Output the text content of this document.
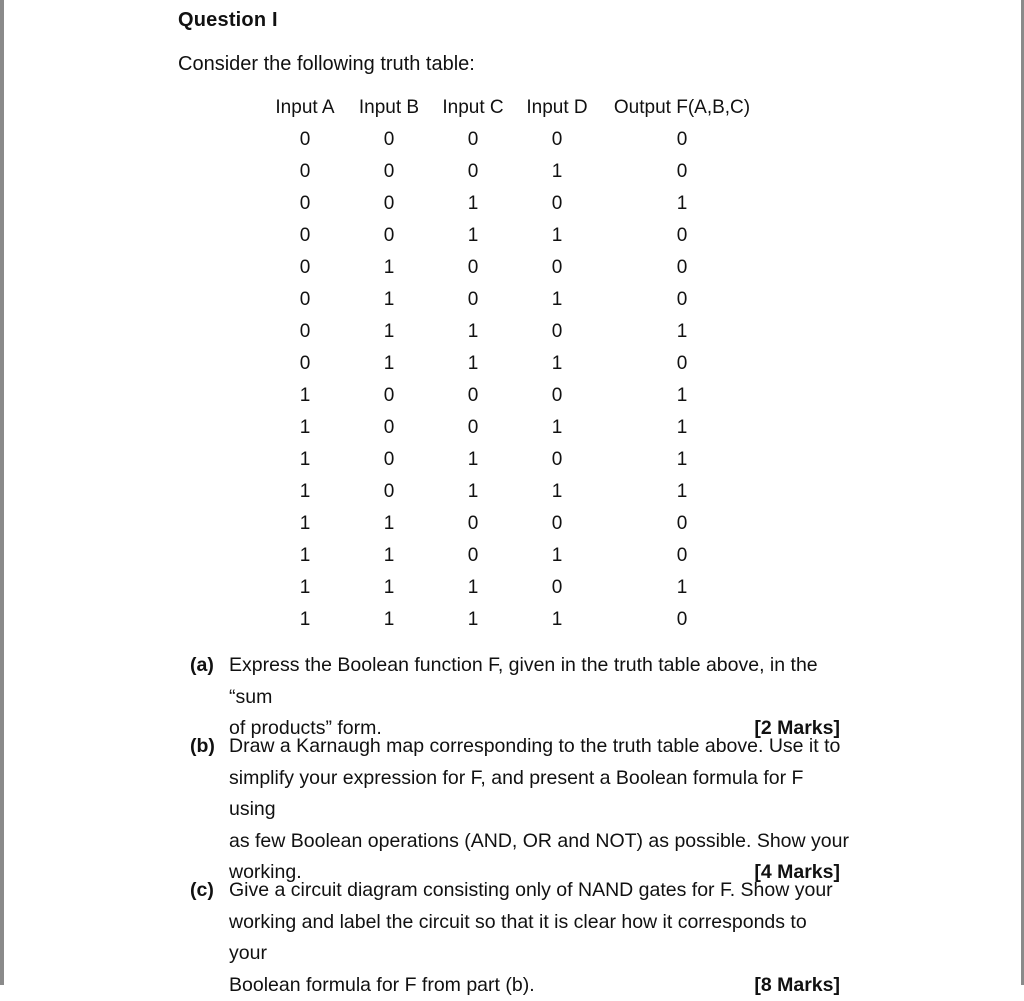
Question I
Consider the following truth table:
Input A	Input B	Input C	Input D	Output F(A,B,C)
0	0	0	0	0
0	0	0	1	0
0	0	1	0	1
0	0	1	1	0
0	1	0	0	0
0	1	0	1	0
0	1	1	0	1
0	1	1	1	0
1	0	0	0	1
1	0	0	1	1
1	0	1	0	1
1	0	1	1	1
1	1	0	0	0
1	1	0	1	0
1	1	1	0	1
1	1	1	1	0
(a) Express the Boolean function F, given in the truth table above, in the “sum
of products” form.	[2 Marks]
(b) Draw a Karnaugh map corresponding to the truth table above. Use it to
simplify your expression for F, and present a Boolean formula for F using
as few Boolean operations (AND, OR and NOT) as possible. Show your
working.	[4 Marks]
(c) Give a circuit diagram consisting only of NAND gates for F. Show your
working and label the circuit so that it is clear how it corresponds to your
Boolean formula for F from part (b).	[8 Marks]
